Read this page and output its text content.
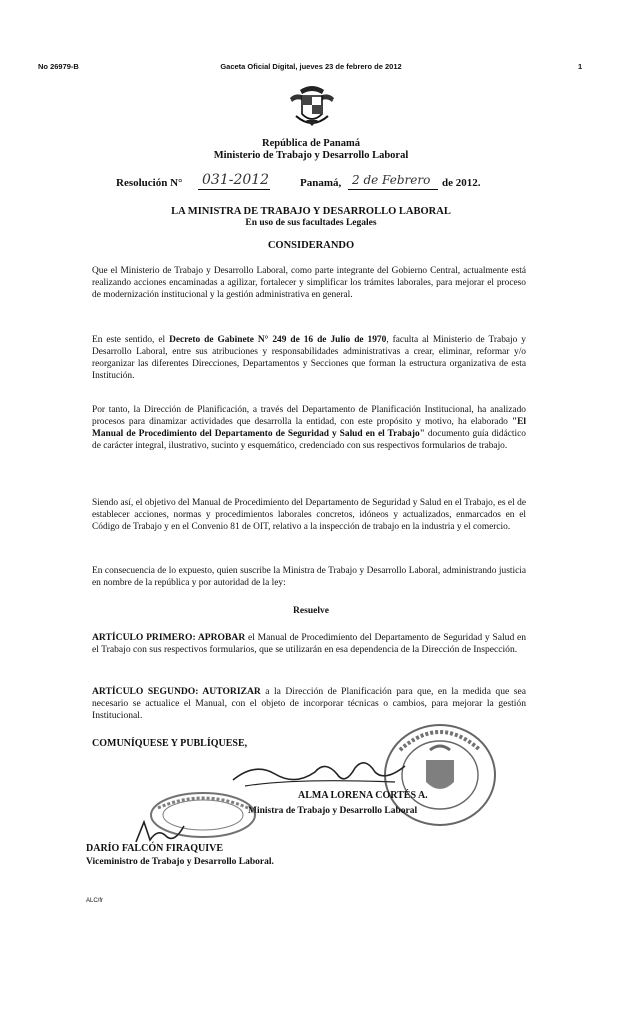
No 26979-B	Gaceta Oficial Digital, jueves 23 de febrero de 2012	1
República de Panamá
Ministerio de Trabajo y Desarrollo Laboral
Resolución N° 031-2012	Panamá, 2 de Febrero de 2012.
LA MINISTRA DE TRABAJO Y DESARROLLO LABORAL
En uso de sus facultades Legales
CONSIDERANDO
Que el Ministerio de Trabajo y Desarrollo Laboral, como parte integrante del Gobierno Central, actualmente está realizando acciones encaminadas a agilizar, fortalecer y simplificar los trámites laborales, para mejorar el proceso de modernización institucional y la gestión administrativa en general.
En este sentido, el Decreto de Gabinete N° 249 de 16 de Julio de 1970, faculta al Ministerio de Trabajo y Desarrollo Laboral, entre sus atribuciones y responsabilidades administrativas a crear, eliminar, reformar y/o reorganizar las diferentes Direcciones, Departamentos y Secciones que forman la estructura organizativa de esta Institución.
Por tanto, la Dirección de Planificación, a través del Departamento de Planificación Institucional, ha analizado procesos para dinamizar actividades que desarrolla la entidad, con este propósito y motivo, ha elaborado "El Manual de Procedimiento del Departamento de Seguridad y Salud en el Trabajo" documento guía didáctico de carácter integral, ilustrativo, sucinto y esquemático, credenciado con sus respectivos formularios de trabajo.
Siendo así, el objetivo del Manual de Procedimiento del Departamento de Seguridad y Salud en el Trabajo, es el de establecer acciones, normas y procedimientos laborales concretos, idóneos y actualizados, enmarcados en el Código de Trabajo y en el Convenio 81 de OIT, relativo a la inspección de trabajo en la industria y el comercio.
En consecuencia de lo expuesto, quien suscribe la Ministra de Trabajo y Desarrollo Laboral, administrando justicia en nombre de la república y por autoridad de la ley:
Resuelve
ARTÍCULO PRIMERO: APROBAR el Manual de Procedimiento del Departamento de Seguridad y Salud en el Trabajo con sus respectivos formularios, que se utilizarán en esa dependencia de la Dirección de Inspección.
ARTÍCULO SEGUNDO: AUTORIZAR a la Dirección de Planificación para que, en la medida que sea necesario se actualice el Manual, con el objeto de incorporar técnicas o cambios, para mejorar la gestión Institucional.
COMUNÍQUESE Y PUBLÍQUESE,
ALMA LORENA CORTÉS A.
Ministra de Trabajo y Desarrollo Laboral
DARÍO FALCÓN FIRAQUIVE
Viceministro de Trabajo y Desarrollo Laboral.
ALC/fr
